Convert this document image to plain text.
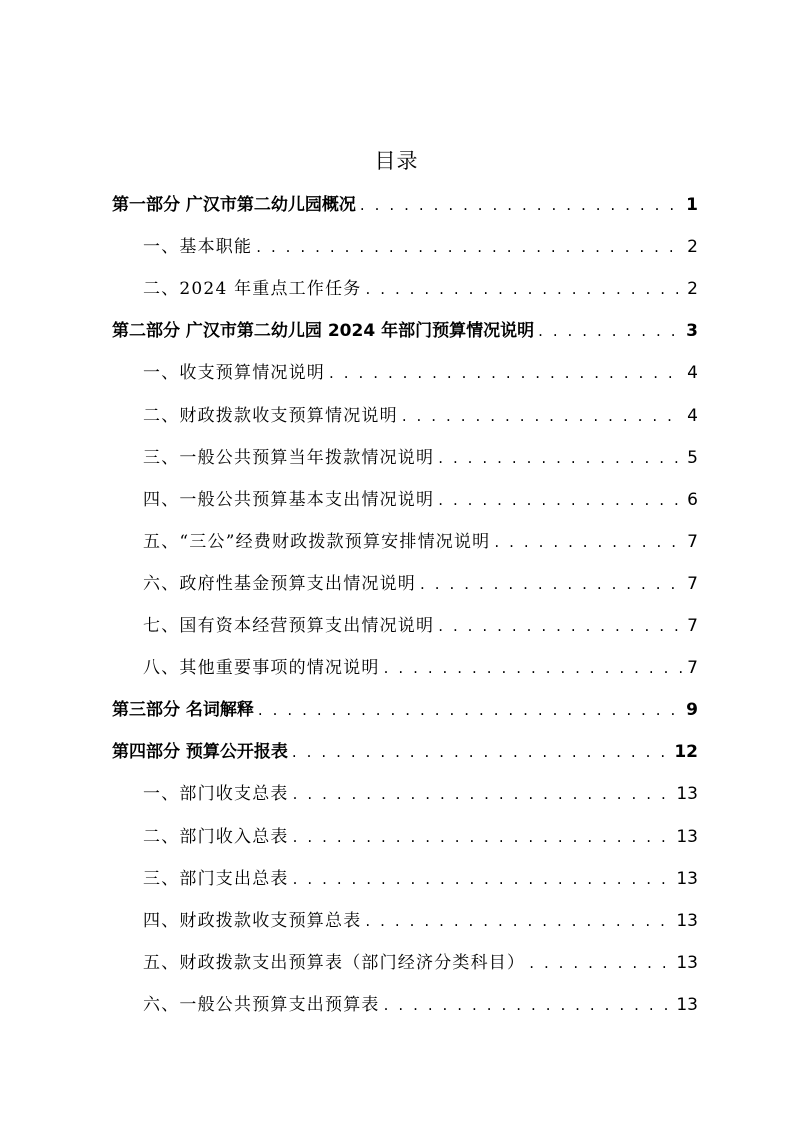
目录
第一部分 广汉市第二幼儿园概况 . . .	1
一、基本职能 . . .	2
二、2024 年重点工作任务 . . .	2
第二部分 广汉市第二幼儿园 2024 年部门预算情况说明 . . .	3
一、收支预算情况说明 . . .	4
二、财政拨款收支预算情况说明 . . .	4
三、一般公共预算当年拨款情况说明 . . .	5
四、一般公共预算基本支出情况说明 . . .	6
五、“三公”经费财政拨款预算安排情况说明 . . .	7
六、政府性基金预算支出情况说明 . . .	7
七、国有资本经营预算支出情况说明 . . .	7
八、其他重要事项的情况说明 . . .	7
第三部分 名词解释 . . .	9
第四部分 预算公开报表 . . .	12
一、部门收支总表 . . .	13
二、部门收入总表 . . .	13
三、部门支出总表 . . .	13
四、财政拨款收支预算总表 . . .	13
五、财政拨款支出预算表（部门经济分类科目） . . .	13
六、一般公共预算支出预算表 . . .	13
